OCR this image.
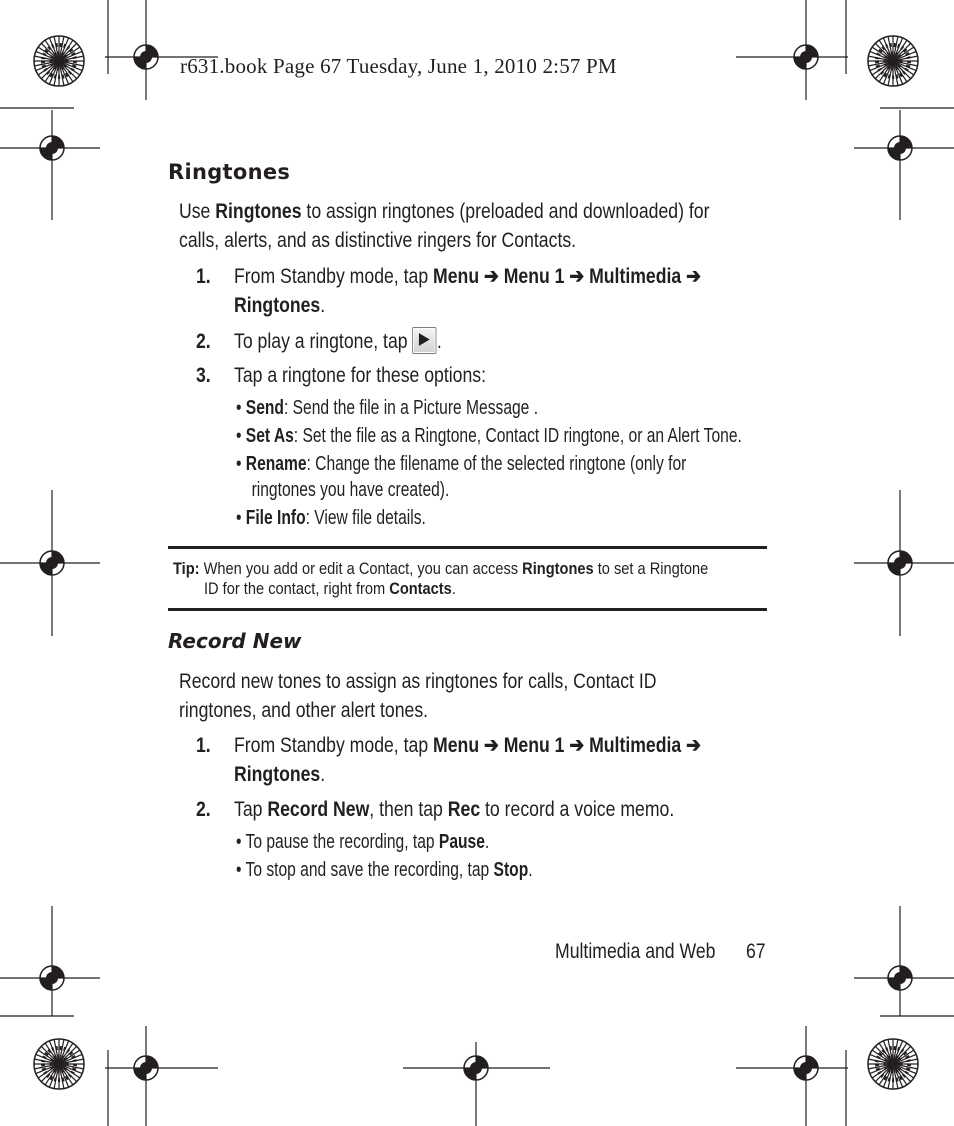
r631.book Page 67 Tuesday, June 1, 2010 2:57 PM
Ringtones
Use Ringtones to assign ringtones (preloaded and downloaded) for
calls, alerts, and as distinctive ringers for Contacts.
1. From Standby mode, tap Menu ➔ Menu 1 ➔ Multimedia ➔
Ringtones.
2. To play a ringtone, tap .
3. Tap a ringtone for these options:
• Send: Send the file in a Picture Message .
• Set As: Set the file as a Ringtone, Contact ID ringtone, or an Alert Tone.
• Rename: Change the filename of the selected ringtone (only for
ringtones you have created).
• File Info: View file details.
Tip: When you add or edit a Contact, you can access Ringtones to set a Ringtone
ID for the contact, right from Contacts.
Record New
Record new tones to assign as ringtones for calls, Contact ID
ringtones, and other alert tones.
1. From Standby mode, tap Menu ➔ Menu 1 ➔ Multimedia ➔
Ringtones.
2. Tap Record New, then tap Rec to record a voice memo.
• To pause the recording, tap Pause.
• To stop and save the recording, tap Stop.
Multimedia and Web 67
